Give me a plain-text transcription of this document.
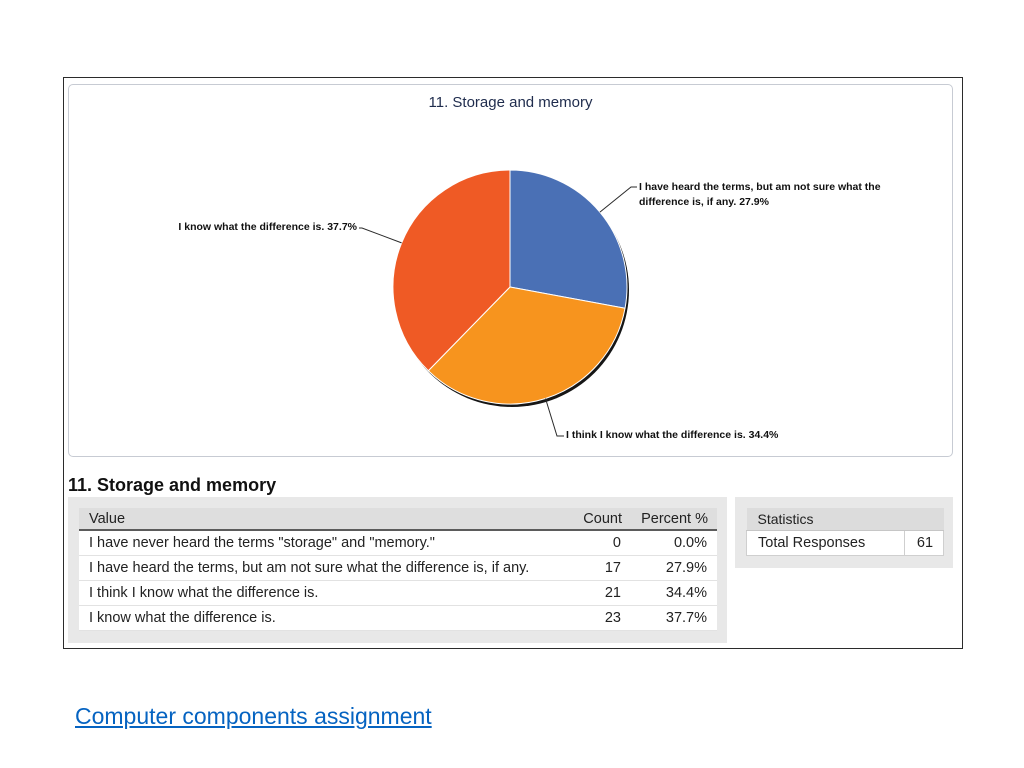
11. Storage and memory
I have heard the terms, but am not sure what the difference is, if any. 27.9%
I think I know what the difference is. 34.4%
I know what the difference is. 37.7%
11. Storage and memory
Value	Count	Percent %
I have never heard the terms "storage" and "memory."	0	0.0%
I have heard the terms, but am not sure what the difference is, if any.	17	27.9%
I think I know what the difference is.	21	34.4%
I know what the difference is.	23	37.7%
Statistics
Total Responses	61
Computer components assignment
